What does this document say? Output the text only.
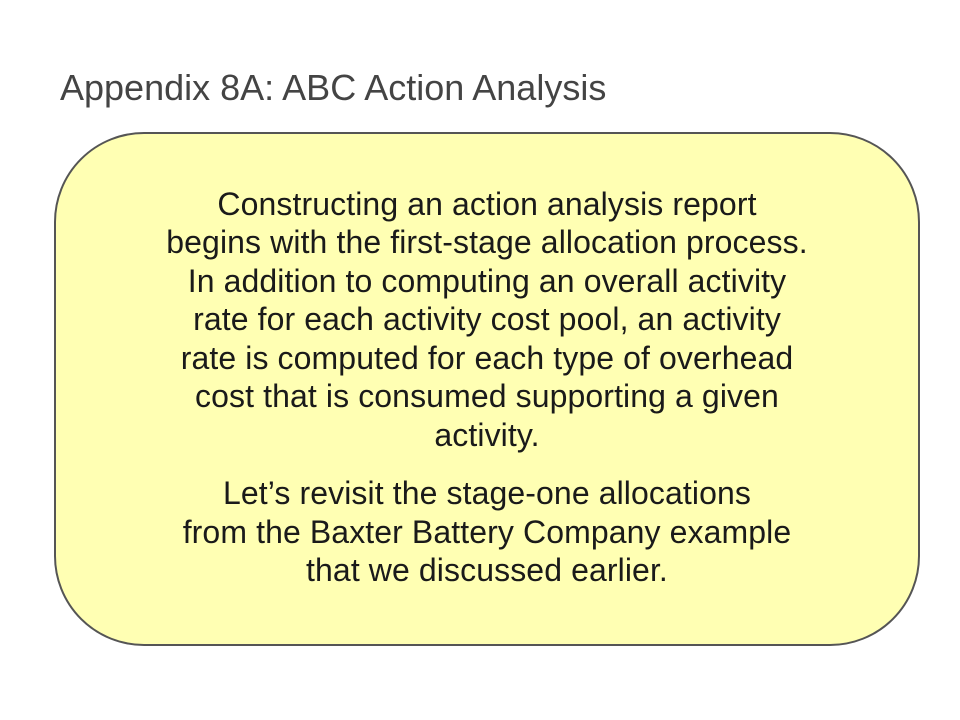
Appendix 8A: ABC Action Analysis

Constructing an action analysis report
begins with the first-stage allocation process.
In addition to computing an overall activity
rate for each activity cost pool, an activity
rate is computed for each type of overhead
cost that is consumed supporting a given
activity.

Let’s revisit the stage-one allocations
from the Baxter Battery Company example
that we discussed earlier.
